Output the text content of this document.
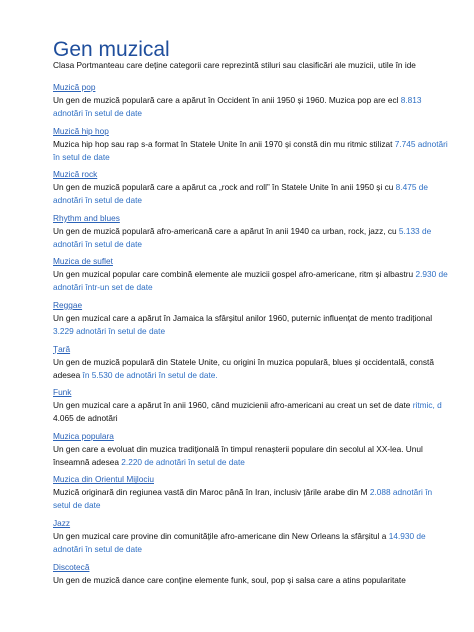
Gen muzical

Clasa Portmanteau care deține categorii care reprezintă stiluri sau clasificări ale muzicii, utile în ide

Muzică pop
Un gen de muzică populară care a apărut în Occident în anii 1950 și 1960. Muzica pop are ecl 8.813 adnotări în setul de date
Muzică hip hop
Muzica hip hop sau rap s-a format în Statele Unite în anii 1970 și constă din mu ritmic stilizat 7.745 adnotări în setul de date
Muzică rock
Un gen de muzică populară care a apărut ca „rock and roll” în Statele Unite în anii 1950 și cu 8.475 de adnotări în setul de date
Rhythm and blues
Un gen de muzică populară afro-americană care a apărut în anii 1940 ca urban, rock, jazz, cu 5.133 de adnotări în setul de date
Muzica de suflet
Un gen muzical popular care combină elemente ale muzicii gospel afro-americane, ritm și albastru 2.930 de adnotări într-un set de date
Reggae
Un gen muzical care a apărut în Jamaica la sfârșitul anilor 1960, puternic influențat de mento tradițional 3.229 adnotări în setul de date
Țară
Un gen de muzică populară din Statele Unite, cu origini în muzica populară, blues și occidentală, constă adesea în 5.530 de adnotări în setul de date.
Funk
Un gen muzical care a apărut în anii 1960, când muzicienii afro-americani au creat un set de date ritmic, d 4.065 de adnotări
Muzica populara
Un gen care a evoluat din muzica tradițională în timpul renașterii populare din secolul al XX-lea. Unul înseamnă adesea 2.220 de adnotări în setul de date
Muzica din Orientul Mijlociu
Muzică originară din regiunea vastă din Maroc până în Iran, inclusiv țările arabe din M 2.088 adnotări în setul de date
Jazz
Un gen muzical care provine din comunitățile afro-americane din New Orleans la sfârșitul a 14.930 de adnotări în setul de date
Discotecă
Un gen de muzică dance care conține elemente funk, soul, pop și salsa care a atins popularitate
